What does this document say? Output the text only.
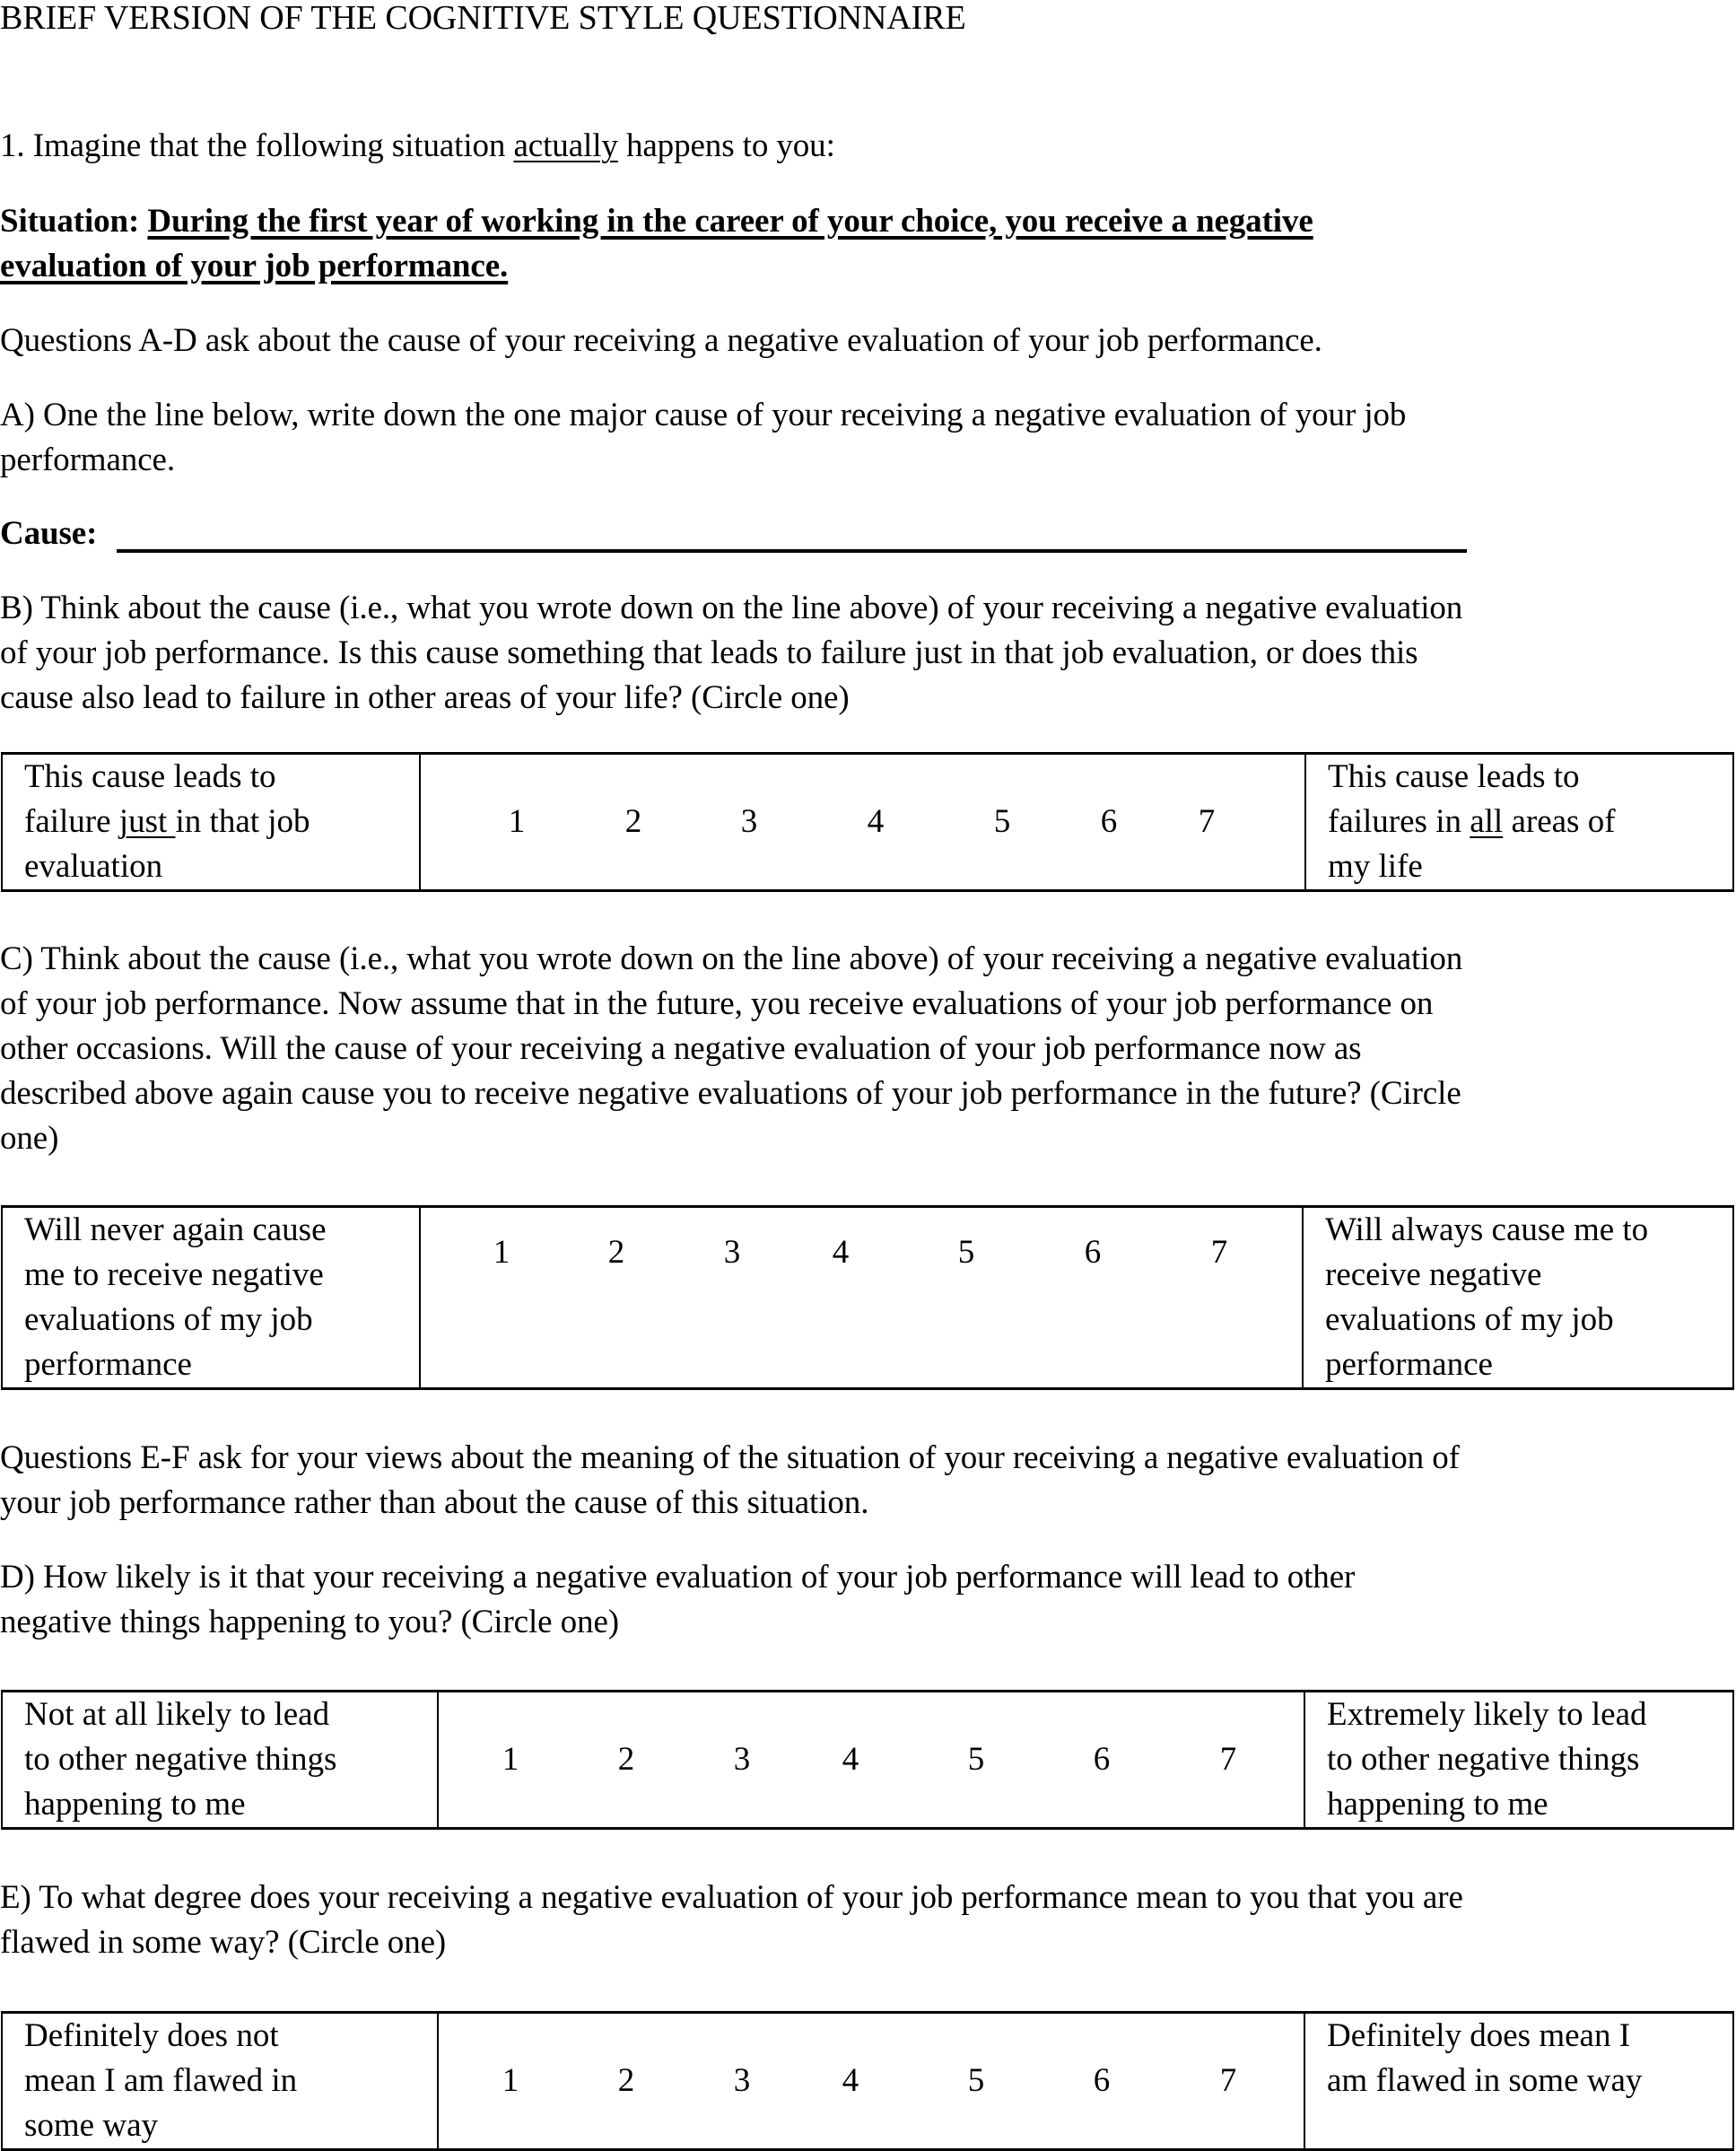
BRIEF VERSION OF THE COGNITIVE STYLE QUESTIONNAIRE
1. Imagine that the following situation actually happens to you:
Situation: During the first year of working in the career of your choice, you receive a negative
evaluation of your job performance.
Questions A-D ask about the cause of your receiving a negative evaluation of your job performance.
A) One the line below, write down the one major cause of your receiving a negative evaluation of your job
performance.
Cause:
B) Think about the cause (i.e., what you wrote down on the line above) of your receiving a negative evaluation
of your job performance. Is this cause something that leads to failure just in that job evaluation, or does this
cause also lead to failure in other areas of your life? (Circle one)
This cause leads to
failure just in that job
evaluation

1	2	3	4	5	6 7

This cause leads to
failures in all areas of
my life
C) Think about the cause (i.e., what you wrote down on the line above) of your receiving a negative evaluation
of your job performance. Now assume that in the future, you receive evaluations of your job performance on
other occasions. Will the cause of your receiving a negative evaluation of your job performance now as
described above again cause you to receive negative evaluations of your job performance in the future? (Circle
one)
Will never again cause
me to receive negative
evaluations of my job
performance

1	2	3	4	5	6	7

Will always cause me to
receive negative
evaluations of my job
performance
Questions E-F ask for your views about the meaning of the situation of your receiving a negative evaluation of
your job performance rather than about the cause of this situation.
D) How likely is it that your receiving a negative evaluation of your job performance will lead to other
negative things happening to you? (Circle one)
Not at all likely to lead
to other negative things
happening to me

1	2	3	4	5	6	7

Extremely likely to lead
to other negative things
happening to me
E) To what degree does your receiving a negative evaluation of your job performance mean to you that you are
flawed in some way? (Circle one)
Definitely does not
mean I am flawed in
some way

1	2	3	4	5	6	7

Definitely does mean I
am flawed in some way
